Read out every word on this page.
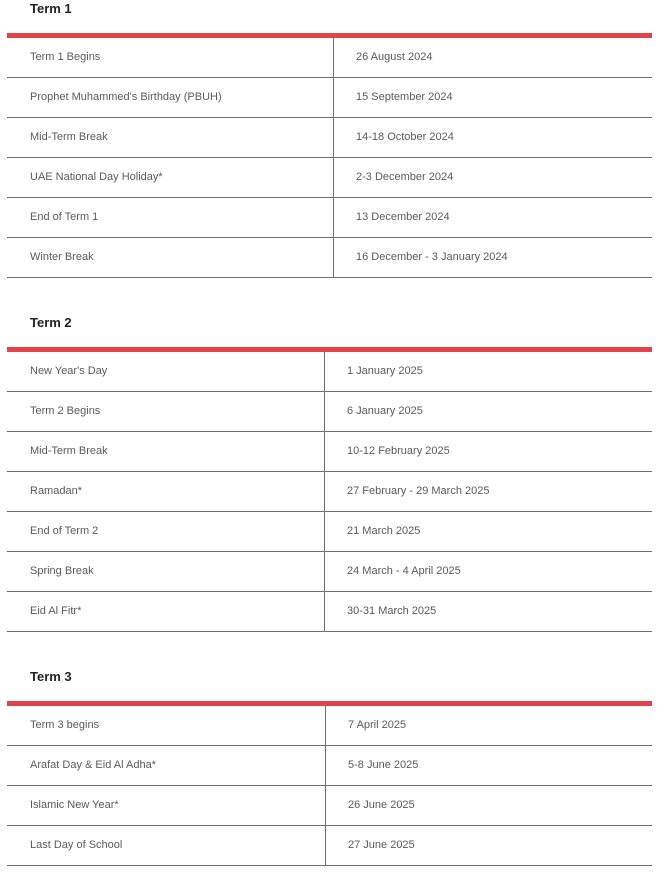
Term 1
Term 1 Begins	26 August 2024
Prophet Muhammed's Birthday (PBUH)	15 September 2024
Mid-Term Break	14-18 October 2024
UAE National Day Holiday*	2-3 December 2024
End of Term 1	13 December 2024
Winter Break	16 December - 3 January 2024
Term 2
New Year's Day	1 January 2025
Term 2 Begins	6 January 2025
Mid-Term Break	10-12 February 2025
Ramadan*	27 February - 29 March 2025
End of Term 2	21 March 2025
Spring Break	24 March - 4 April 2025
Eid Al Fitr*	30-31 March 2025
Term 3
Term 3 begins	7 April 2025
Arafat Day & Eid Al Adha*	5-8 June 2025
Islamic New Year*	26 June 2025
Last Day of School	27 June 2025
